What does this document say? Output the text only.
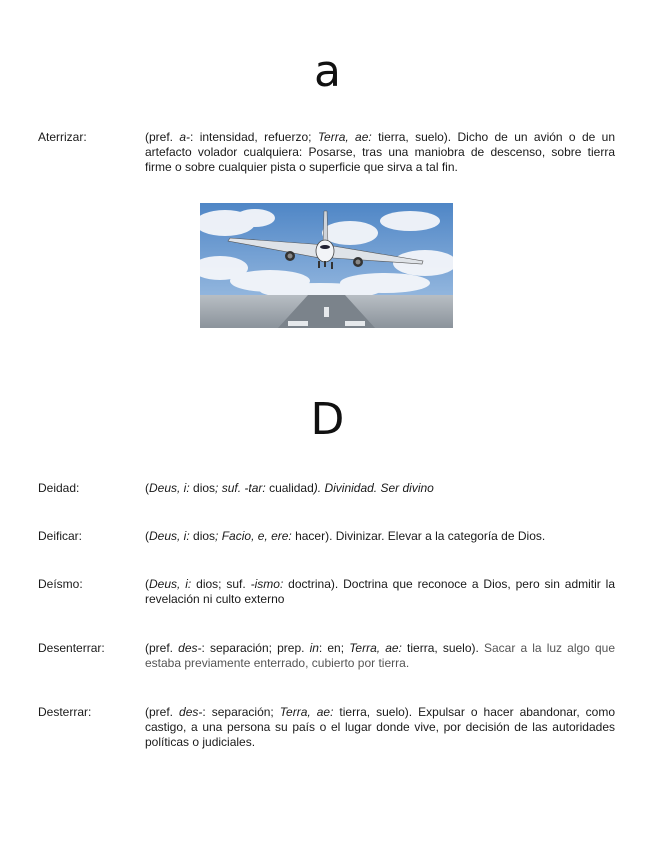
a
Aterrizar:	(pref. a-: intensidad, refuerzo; Terra, ae: tierra, suelo). Dicho de un avión o de un artefacto volador cualquiera: Posarse, tras una maniobra de descenso, sobre tierra firme o sobre cualquier pista o superficie que sirva a tal fin.
D
Deidad:	(Deus, i: dios; suf. -tar: cualidad). Divinidad. Ser divino
Deificar:	(Deus, i: dios; Facio, e, ere: hacer). Divinizar. Elevar a la categoría de Dios.
Deísmo:	(Deus, i: dios; suf. -ismo: doctrina). Doctrina que reconoce a Dios, pero sin admitir la revelación ni culto externo
Desenterrar:	(pref. des-: separación; prep. in: en; Terra, ae: tierra, suelo). Sacar a la luz algo que estaba previamente enterrado, cubierto por tierra.
Desterrar:	(pref. des-: separación; Terra, ae: tierra, suelo). Expulsar o hacer abandonar, como castigo, a una persona su país o el lugar donde vive, por decisión de las autoridades políticas o judiciales.
